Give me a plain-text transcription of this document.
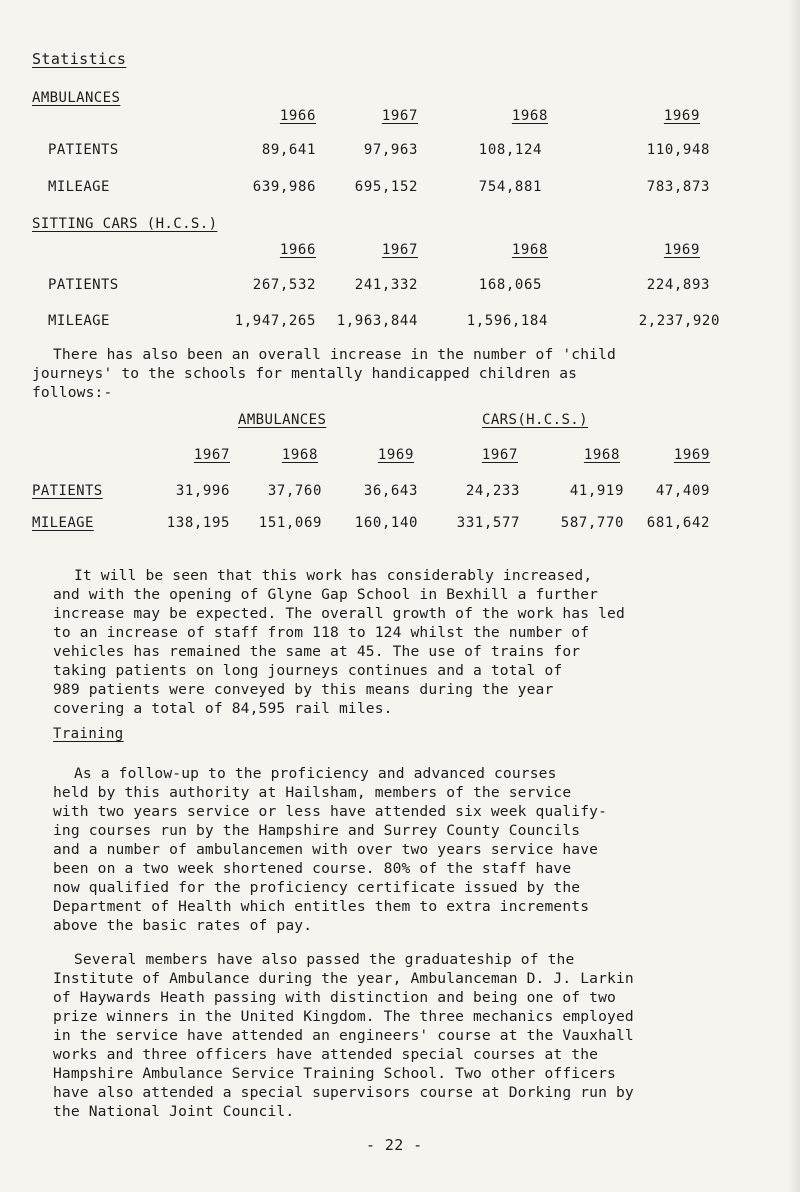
Statistics
AMBULANCES
1966	1967	1968	1969
PATIENTS	89,641	97,963	108,124	110,948
MILEAGE	639,986	695,152	754,881	783,873
SITTING CARS (H.C.S.)
1966	1967	1968	1969
PATIENTS	267,532	241,332	168,065	224,893
MILEAGE	1,947,265	1,963,844	1,596,184	2,237,920
There has also been an overall increase in the number of 'child
journeys' to the schools for mentally handicapped children as
follows:-
AMBULANCES	CARS(H.C.S.)
1967	1968	1969	1967	1968	1969
PATIENTS	31,996	37,760	36,643	24,233	41,919	47,409
MILEAGE	138,195	151,069	160,140	331,577	587,770	681,642
It will be seen that this work has considerably increased,
and with the opening of Glyne Gap School in Bexhill a further
increase may be expected. The overall growth of the work has led
to an increase of staff from 118 to 124 whilst the number of
vehicles has remained the same at 45. The use of trains for
taking patients on long journeys continues and a total of
989 patients were conveyed by this means during the year
covering a total of 84,595 rail miles.
Training
As a follow-up to the proficiency and advanced courses
held by this authority at Hailsham, members of the service
with two years service or less have attended six week qualify-
ing courses run by the Hampshire and Surrey County Councils
and a number of ambulancemen with over two years service have
been on a two week shortened course. 80% of the staff have
now qualified for the proficiency certificate issued by the
Department of Health which entitles them to extra increments
above the basic rates of pay.
Several members have also passed the graduateship of the
Institute of Ambulance during the year, Ambulanceman D. J. Larkin
of Haywards Heath passing with distinction and being one of two
prize winners in the United Kingdom. The three mechanics employed
in the service have attended an engineers' course at the Vauxhall
works and three officers have attended special courses at the
Hampshire Ambulance Service Training School. Two other officers
have also attended a special supervisors course at Dorking run by
the National Joint Council.
- 22 -
